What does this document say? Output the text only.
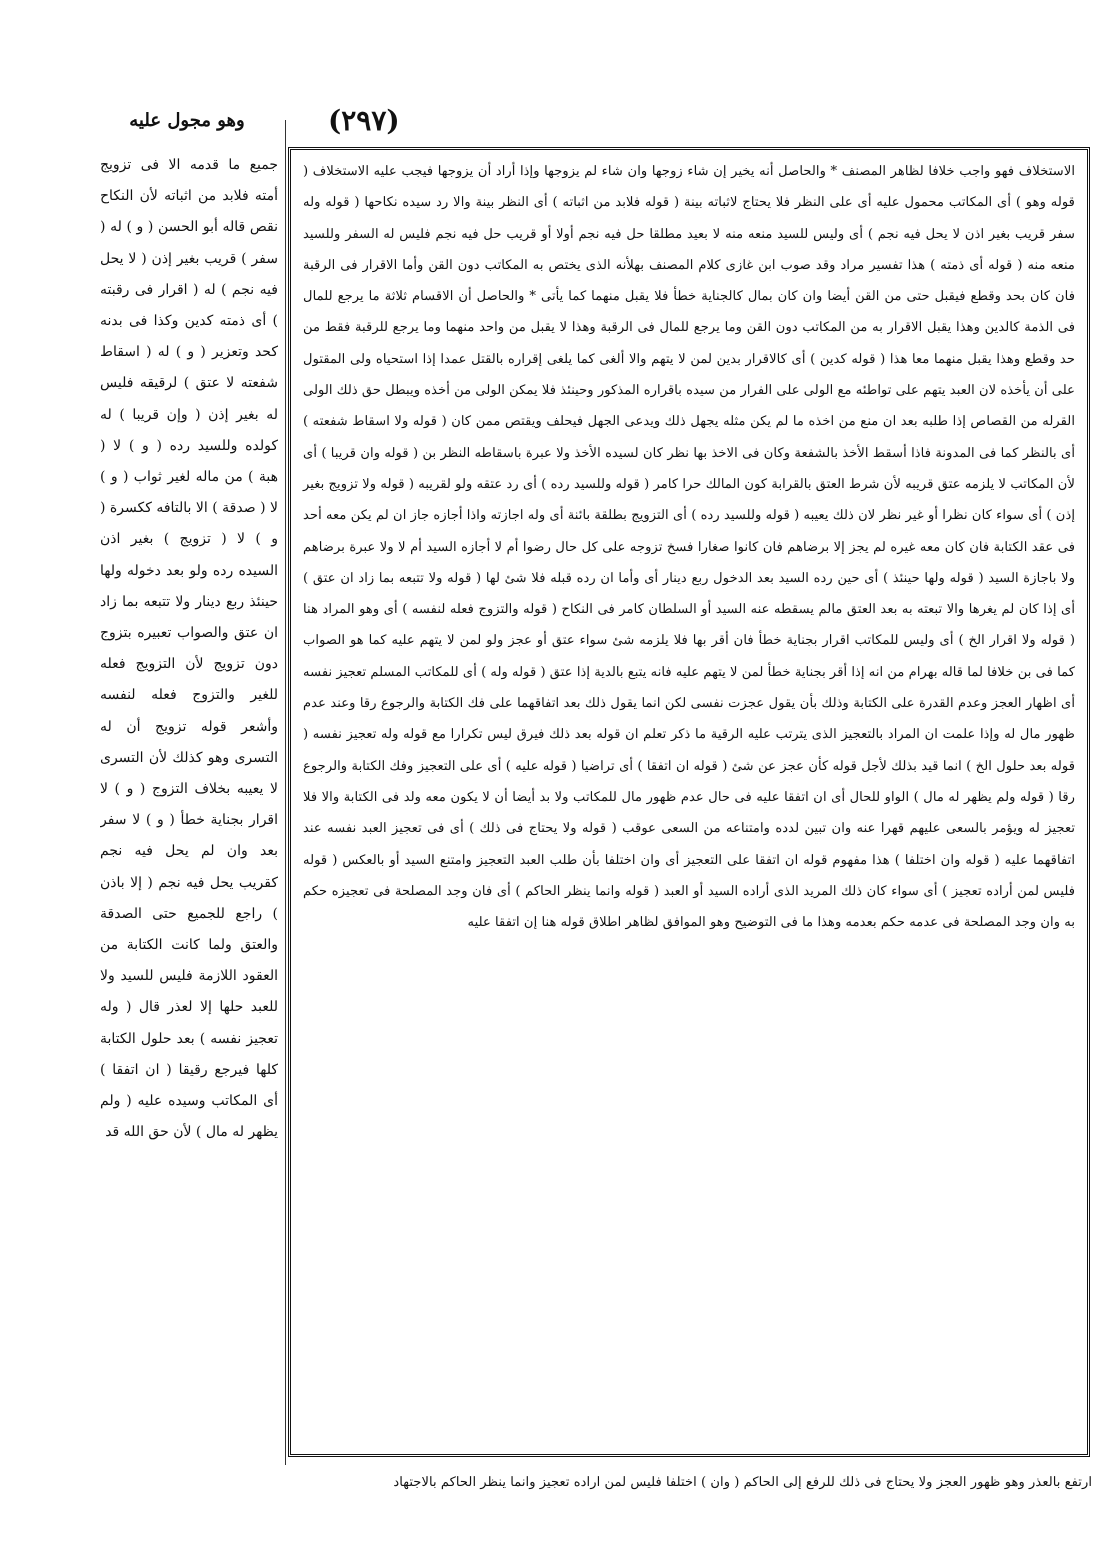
وهو مجول عليه	(٢٩٧)

جميع ما قدمه الا فى تزويج أمته فلابد من اثباته لأن النكاح نقص قاله أبو الحسن ( و ) له ( سفر ) قريب بغير إذن ( لا يحل فيه نجم ) له ( اقرار فى رقبته ) أى ذمته كدين وكذا فى بدنه كحد وتعزير ( و ) له ( اسقاط شفعته لا عتق ) لرقيقه فليس له بغير إذن ( وإن قريبا ) له كولده وللسيد رده ( و ) لا ( هبة ) من ماله لغير ثواب ( و ) لا ( صدقة ) الا بالتافه ككسرة ( و ) لا ( تزويج ) بغير اذن السيده رده ولو بعد دخوله ولها حينئذ ربع دينار ولا تتبعه بما زاد ان عتق والصواب تعبيره بتزوج دون تزويج لأن التزويج فعله للغير والتزوج فعله لنفسه وأشعر قوله تزويج أن له التسرى وهو كذلك لأن التسرى لا يعيبه بخلاف التزوج ( و ) لا اقرار بجناية خطأ ( و ) لا سفر بعد وان لم يحل فيه نجم كقريب يحل فيه نجم ( إلا باذن ) راجع للجميع حتى الصدقة والعتق ولما كانت الكتابة من العقود اللازمة فليس للسيد ولا للعبد حلها إلا لعذر قال ( وله تعجيز نفسه ) بعد حلول الكتابة كلها فيرجع رقيقا ( ان اتفقا ) أى المكاتب وسيده عليه ( ولم يظهر له مال ) لأن حق الله قد

الاستخلاف فهو واجب خلافا لظاهر المصنف * والحاصل أنه يخير إن شاء زوجها وان شاء لم يزوجها وإذا أراد أن يزوجها فيجب عليه الاستخلاف ( قوله وهو ) أى المكاتب محمول عليه أى على النظر فلا يحتاج لاثباته بينة ( قوله فلابد من اثباته ) أى النظر بينة والا رد سيده نكاحها ( قوله وله سفر قريب بغير اذن لا يحل فيه نجم ) أى وليس للسيد منعه منه لا بعيد مطلقا حل فيه نجم أولا أو قريب حل فيه نجم فليس له السفر وللسيد منعه منه ( قوله أى ذمته ) هذا تفسير مراد وقد صوب ابن غازى كلام المصنف بهلأنه الذى يختص به المكاتب دون القن وأما الاقرار فى الرقبة فان كان بحد وقطع فيقبل حتى من القن أيضا وان كان بمال كالجناية خطأ فلا يقبل منهما كما يأتى * والحاصل أن الاقسام ثلاثة ما يرجع للمال فى الذمة كالدين وهذا يقبل الاقرار به من المكاتب دون القن وما يرجع للمال فى الرقبة وهذا لا يقبل من واحد منهما وما يرجع للرقبة فقط من حد وقطع وهذا يقبل منهما معا هذا ( قوله كدين ) أى كالاقرار بدين لمن لا يتهم والا ألغى كما يلغى إقراره بالقتل عمدا إذا استحياه ولى المقتول على أن يأخذه لان العبد يتهم على تواطئه مع الولى على الفرار من سيده باقراره المذكور وحينئذ فلا يمكن الولى من أخذه ويبطل حق ذلك الولى القرله من القصاص إذا طلبه بعد ان منع من اخذه ما لم يكن مثله يجهل ذلك ويدعى الجهل فيحلف ويقتص ممن كان ( قوله ولا اسقاط شفعته ) أى بالنظر كما فى المدونة فاذا أسقط الأخذ بالشفعة وكان فى الاخذ بها نظر كان لسيده الأخذ ولا عبرة باسقاطه النظر بن ( قوله وان قريبا ) أى لأن المكاتب لا يلزمه عتق قريبه لأن شرط العتق بالقرابة كون المالك حرا كامر ( قوله وللسيد رده ) أى رد عتقه ولو لقريبه ( قوله ولا تزويج بغير إذن ) أى سواء كان نظرا أو غير نظر لان ذلك يعيبه ( قوله وللسيد رده ) أى التزويج بطلقة بائنة أى وله اجازته واذا أجازه جاز ان لم يكن معه أحد فى عقد الكتابة فان كان معه غيره لم يجز إلا برضاهم فان كانوا صغارا فسخ تزوجه على كل حال رضوا أم لا أجازه السيد أم لا ولا عبرة برضاهم ولا باجازة السيد ( قوله ولها حينئذ ) أى حين رده السيد بعد الدخول ربع دينار أى وأما ان رده قبله فلا شئ لها ( قوله ولا تتبعه بما زاد ان عتق ) أى إذا كان لم يغرها والا تبعته به بعد العتق مالم يسقطه عنه السيد أو السلطان كامر فى النكاح ( قوله والتزوج فعله لنفسه ) أى وهو المراد هنا ( قوله ولا اقرار الخ ) أى وليس للمكاتب اقرار بجناية خطأ فان أقر بها فلا يلزمه شئ سواء عتق أو عجز ولو لمن لا يتهم عليه كما هو الصواب كما فى بن خلافا لما قاله بهرام من انه إذا أقر بجناية خطأ لمن لا يتهم عليه فانه يتبع بالدية إذا عتق ( قوله وله ) أى للمكاتب المسلم تعجيز نفسه أى اظهار العجز وعدم القدرة على الكتابة وذلك بأن يقول عجزت نفسى لكن انما يقول ذلك بعد اتفاقهما على فك الكتابة والرجوع رقا وعند عدم ظهور مال له وإذا علمت ان المراد بالتعجيز الذى يترتب عليه الرقية ما ذكر تعلم ان قوله بعد ذلك فيرق ليس تكرارا مع قوله وله تعجيز نفسه ( قوله بعد حلول الخ ) انما قيد بذلك لأجل قوله كأن عجز عن شئ ( قوله ان اتفقا ) أى تراضيا ( قوله عليه ) أى على التعجيز وفك الكتابة والرجوع رقا ( قوله ولم يظهر له مال ) الواو للحال أى ان اتفقا عليه فى حال عدم ظهور مال للمكاتب ولا بد أيضا أن لا يكون معه ولد فى الكتابة والا فلا تعجيز له ويؤمر بالسعى عليهم قهرا عنه وان تبين لدده وامتناعه من السعى عوقب ( قوله ولا يحتاج فى ذلك ) أى فى تعجيز العبد نفسه عند اتفاقهما عليه ( قوله وان اختلفا ) هذا مفهوم قوله ان اتفقا على التعجيز أى وان اختلفا بأن طلب العبد التعجيز وامتنع السيد أو بالعكس ( قوله فليس لمن أراده تعجيز ) أى سواء كان ذلك المريد الذى أراده السيد أو العبد ( قوله وانما ينظر الحاكم ) أى فان وجد المصلحة فى تعجيزه حكم به وان وجد المصلحة فى عدمه حكم بعدمه وهذا ما فى التوضيح وهو الموافق لظاهر اطلاق قوله هنا إن اتفقا عليه

ارتفع بالعذر وهو ظهور العجز ولا يحتاج فى ذلك للرفع إلى الحاكم ( وان ) اختلفا فليس لمن اراده تعجيز وانما ينظر الحاكم بالاجتهاد
